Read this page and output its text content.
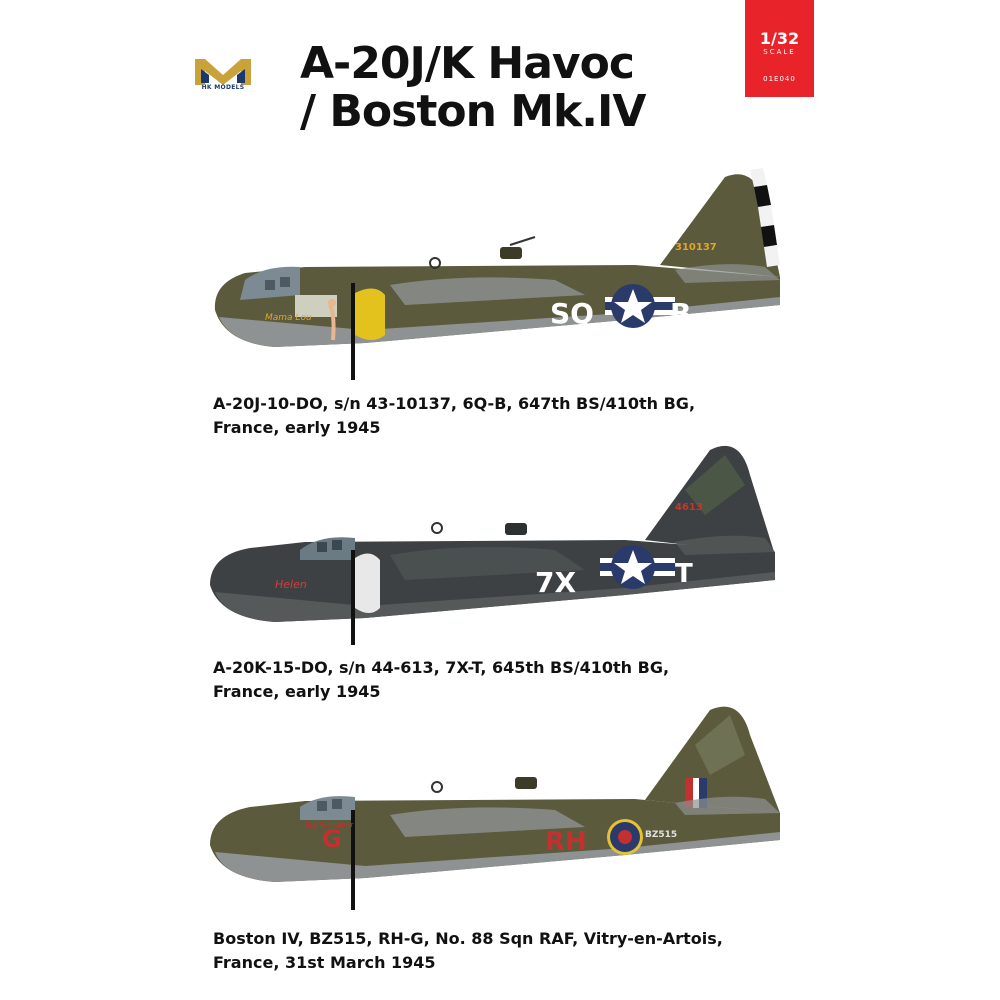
HK MODELS A-20J/K Havoc
/ Boston Mk.IV
1/32
SCALE
01E040
SQ	B
310137
Mama Lou

A-20J-10-DO, s/n 43-10137, 6Q-B, 647th BS/410th BG,
France, early 1945

7X	T
4613
Helen

A-20K-15-DO, s/n 44-613, 7X-T, 645th BS/410th BG,
France, early 1945

RH
G	BZ515
Sky Wanderer

Boston IV, BZ515, RH-G, No. 88 Sqn RAF, Vitry-en-Artois,
France, 31st March 1945
